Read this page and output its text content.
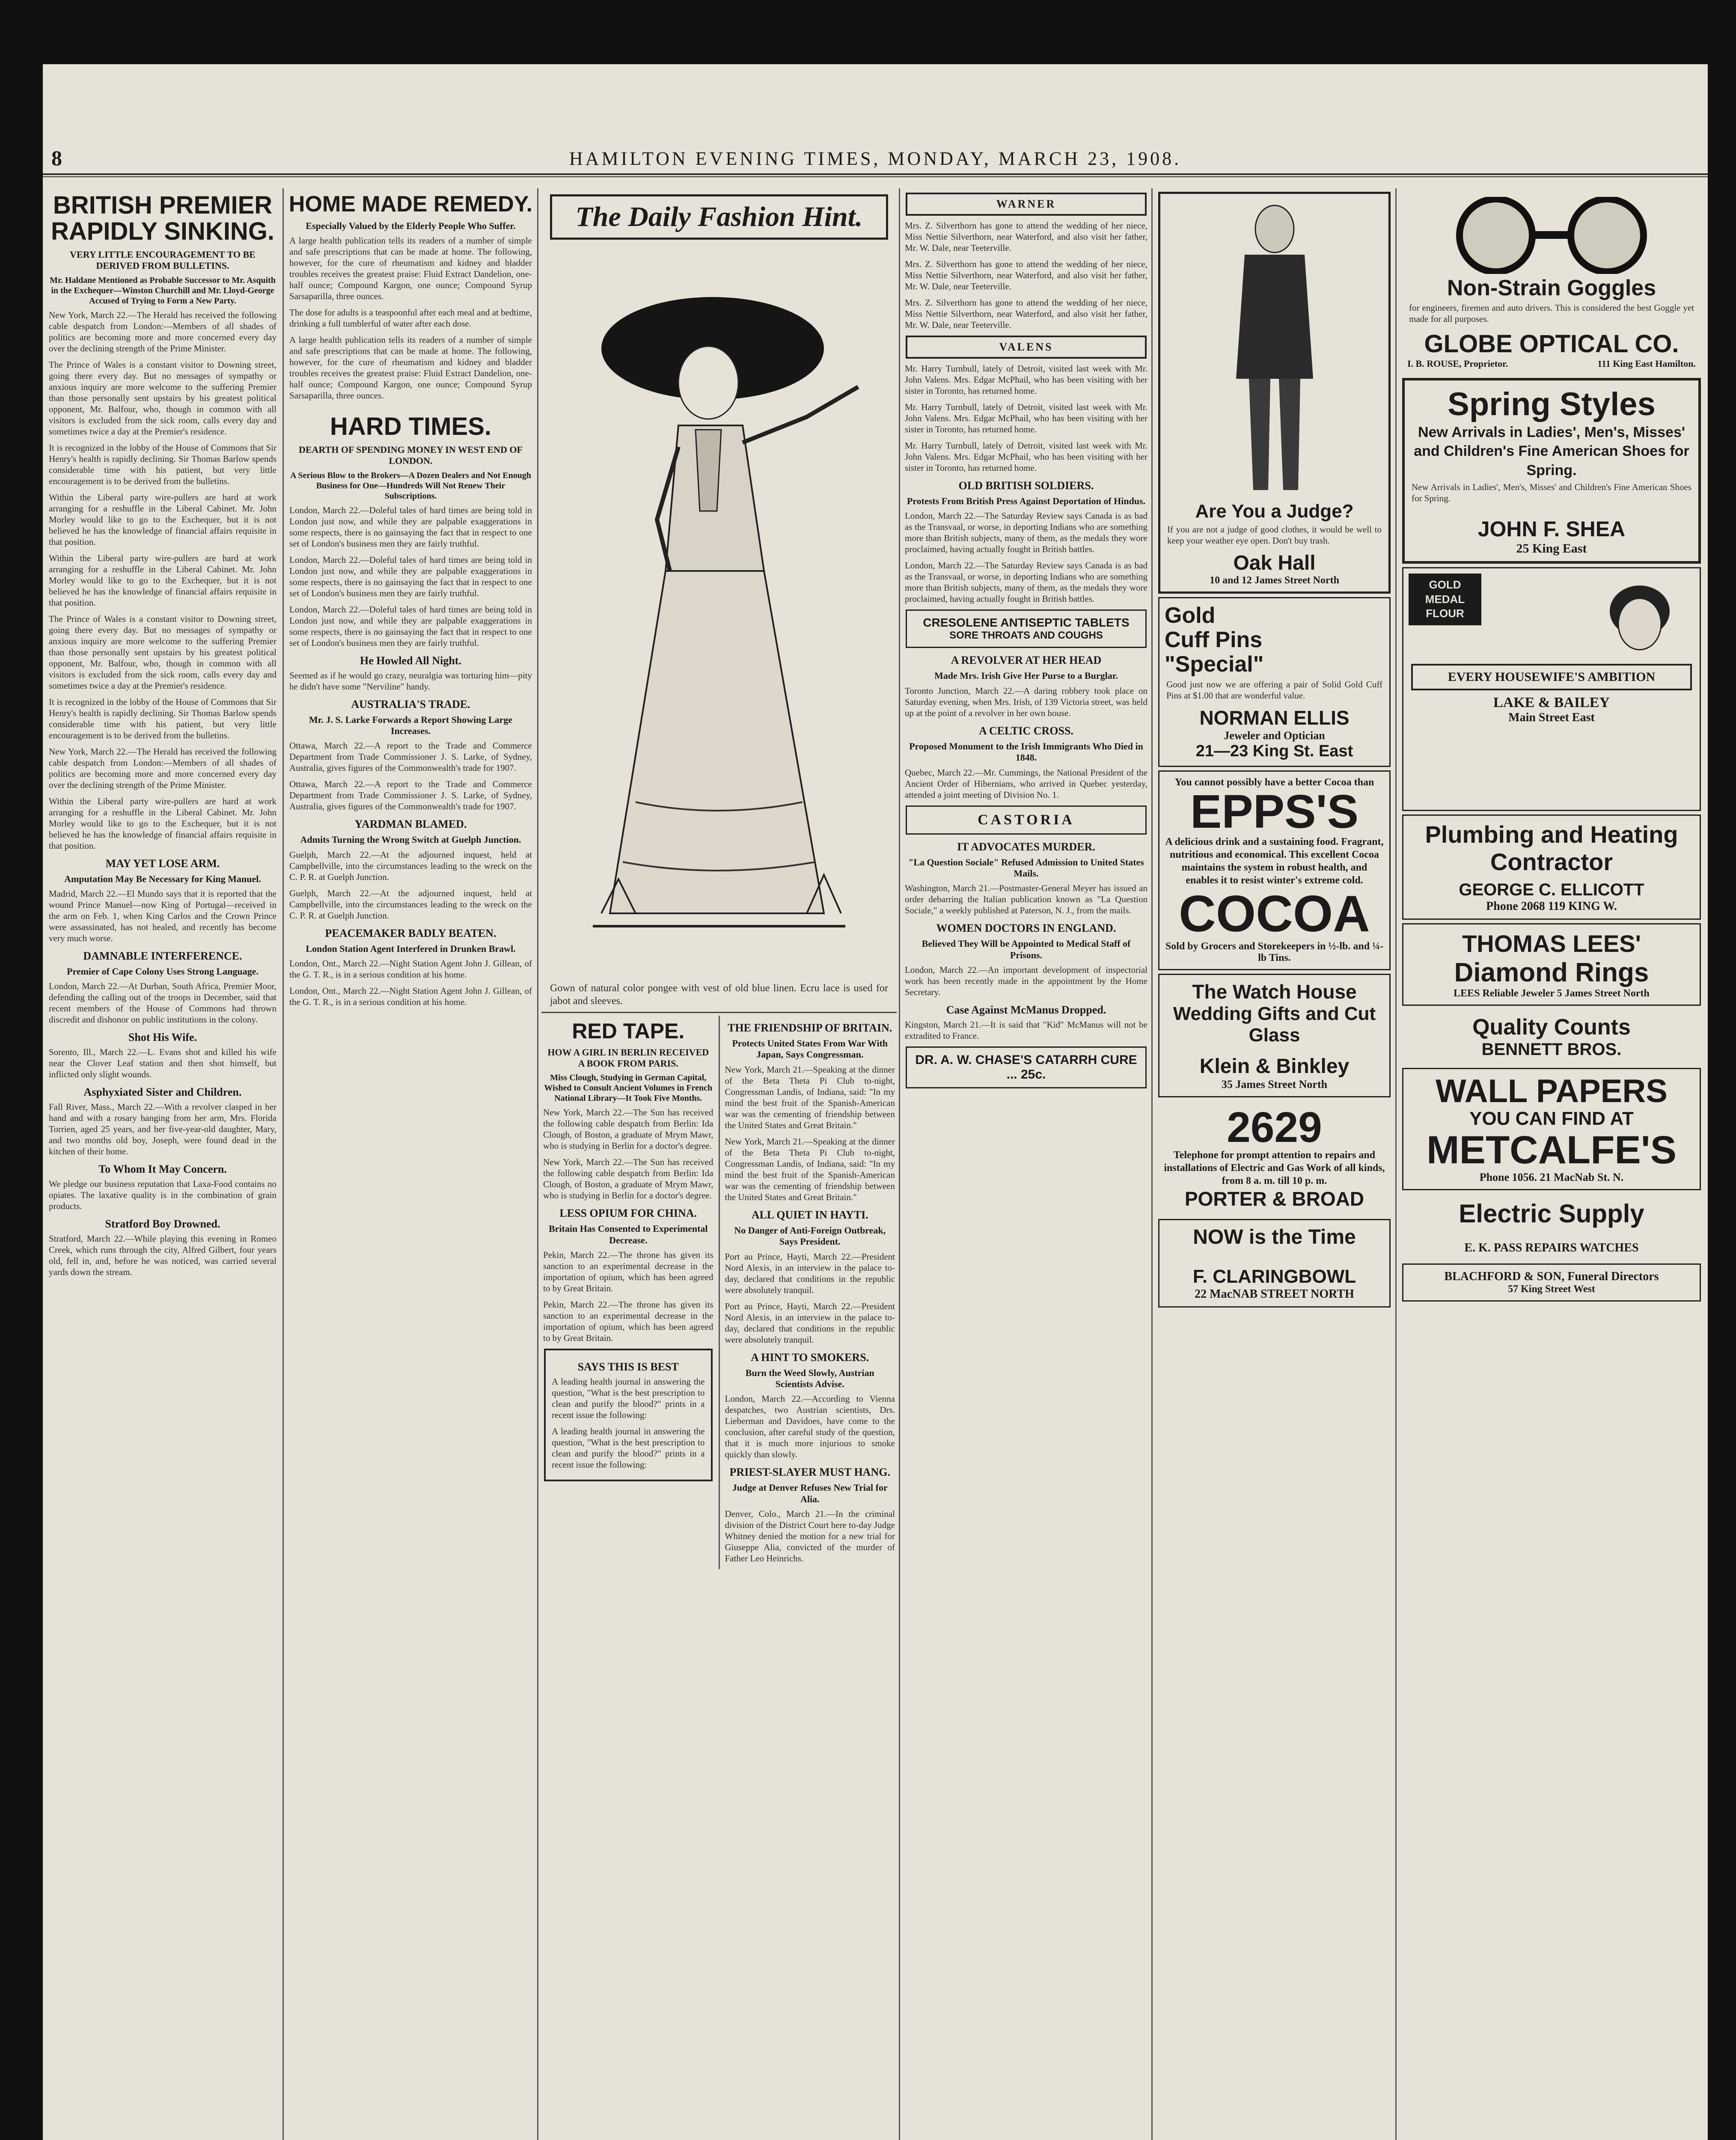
8	HAMILTON EVENING TIMES, MONDAY, MARCH 23, 1908.
BRITISH PREMIER RAPIDLY SINKING.
VERY LITTLE ENCOURAGEMENT TO BE DERIVED FROM BULLETINS.
Mr. Haldane Mentioned as Probable Successor to Mr. Asquith in the Exchequer—Winston Churchill and Mr. Lloyd-George Accused of Trying to Form a New Party.
New York, March 22.—The Herald has received the following cable despatch from London:—Members of all shades of politics are becoming more and more concerned every day over the declining strength of the Prime Minister.
The Prince of Wales is a constant visitor to Downing street, going there every day. But no messages of sympathy or anxious inquiry are more welcome to the suffering Premier than those personally sent upstairs by his greatest political opponent, Mr. Balfour, who, though in common with all visitors is excluded from the sick room, calls every day and sometimes twice a day at the Premier's residence.
It is recognized in the lobby of the House of Commons that Sir Henry's health is rapidly declining. Sir Thomas Barlow spends considerable time with his patient, but very little encouragement is to be derived from the bulletins.
Within the Liberal party wire-pullers are hard at work arranging for a reshuffle in the Liberal Cabinet. Mr. John Morley would like to go to the Exchequer, but it is not believed he has the knowledge of financial affairs requisite in that position.
Within the Liberal party wire-pullers are hard at work arranging for a reshuffle in the Liberal Cabinet. Mr. John Morley would like to go to the Exchequer, but it is not believed he has the knowledge of financial affairs requisite in that position.
The Prince of Wales is a constant visitor to Downing street, going there every day. But no messages of sympathy or anxious inquiry are more welcome to the suffering Premier than those personally sent upstairs by his greatest political opponent, Mr. Balfour, who, though in common with all visitors is excluded from the sick room, calls every day and sometimes twice a day at the Premier's residence.
It is recognized in the lobby of the House of Commons that Sir Henry's health is rapidly declining. Sir Thomas Barlow spends considerable time with his patient, but very little encouragement is to be derived from the bulletins.
New York, March 22.—The Herald has received the following cable despatch from London:—Members of all shades of politics are becoming more and more concerned every day over the declining strength of the Prime Minister.
Within the Liberal party wire-pullers are hard at work arranging for a reshuffle in the Liberal Cabinet. Mr. John Morley would like to go to the Exchequer, but it is not believed he has the knowledge of financial affairs requisite in that position.
MAY YET LOSE ARM.
Amputation May Be Necessary for King Manuel.
Madrid, March 22.—El Mundo says that it is reported that the wound Prince Manuel—now King of Portugal—received in the arm on Feb. 1, when King Carlos and the Crown Prince were assassinated, has not healed, and recently has become very much worse.
DAMNABLE INTERFERENCE.
Premier of Cape Colony Uses Strong Language.
London, March 22.—At Durban, South Africa, Premier Moor, defending the calling out of the troops in December, said that recent members of the House of Commons had thrown discredit and dishonor on public institutions in the colony.
Shot His Wife.
Sorento, Ill., March 22.—L. Evans shot and killed his wife near the Clover Leaf station and then shot himself, but inflicted only slight wounds.
Asphyxiated Sister and Children.
Fall River, Mass., March 22.—With a revolver clasped in her hand and with a rosary hanging from her arm, Mrs. Florida Torrien, aged 25 years, and her five-year-old daughter, Mary, and two months old boy, Joseph, were found dead in the kitchen of their home.
To Whom It May Concern.
We pledge our business reputation that Laxa-Food contains no opiates. The laxative quality is in the combination of grain products.
Stratford Boy Drowned.
Stratford, March 22.—While playing this evening in Romeo Creek, which runs through the city, Alfred Gilbert, four years old, fell in, and, before he was noticed, was carried several yards down the stream.
HOME MADE REMEDY.
Especially Valued by the Elderly People Who Suffer.
A large health publication tells its readers of a number of simple and safe prescriptions that can be made at home. The following, however, for the cure of rheumatism and kidney and bladder troubles receives the greatest praise: Fluid Extract Dandelion, one-half ounce; Compound Kargon, one ounce; Compound Syrup Sarsaparilla, three ounces.
The dose for adults is a teaspoonful after each meal and at bedtime, drinking a full tumblerful of water after each dose.
A large health publication tells its readers of a number of simple and safe prescriptions that can be made at home. The following, however, for the cure of rheumatism and kidney and bladder troubles receives the greatest praise: Fluid Extract Dandelion, one-half ounce; Compound Kargon, one ounce; Compound Syrup Sarsaparilla, three ounces.
HARD TIMES.
DEARTH OF SPENDING MONEY IN WEST END OF LONDON.
A Serious Blow to the Brokers—A Dozen Dealers and Not Enough Business for One—Hundreds Will Not Renew Their Subscriptions.
London, March 22.—Doleful tales of hard times are being told in London just now, and while they are palpable exaggerations in some respects, there is no gainsaying the fact that in respect to one set of London's business men they are fairly truthful.
London, March 22.—Doleful tales of hard times are being told in London just now, and while they are palpable exaggerations in some respects, there is no gainsaying the fact that in respect to one set of London's business men they are fairly truthful.
London, March 22.—Doleful tales of hard times are being told in London just now, and while they are palpable exaggerations in some respects, there is no gainsaying the fact that in respect to one set of London's business men they are fairly truthful.
He Howled All Night.
Seemed as if he would go crazy, neuralgia was torturing him—pity he didn't have some "Nerviline" handy.
AUSTRALIA'S TRADE.
Mr. J. S. Larke Forwards a Report Showing Large Increases.
Ottawa, March 22.—A report to the Trade and Commerce Department from Trade Commissioner J. S. Larke, of Sydney, Australia, gives figures of the Commonwealth's trade for 1907.
Ottawa, March 22.—A report to the Trade and Commerce Department from Trade Commissioner J. S. Larke, of Sydney, Australia, gives figures of the Commonwealth's trade for 1907.
YARDMAN BLAMED.
Admits Turning the Wrong Switch at Guelph Junction.
Guelph, March 22.—At the adjourned inquest, held at Campbellville, into the circumstances leading to the wreck on the C. P. R. at Guelph Junction.
Guelph, March 22.—At the adjourned inquest, held at Campbellville, into the circumstances leading to the wreck on the C. P. R. at Guelph Junction.
PEACEMAKER BADLY BEATEN.
London Station Agent Interfered in Drunken Brawl.
London, Ont., March 22.—Night Station Agent John J. Gillean, of the G. T. R., is in a serious condition at his home.
London, Ont., March 22.—Night Station Agent John J. Gillean, of the G. T. R., is in a serious condition at his home.
The Daily Fashion Hint.
Gown of natural color pongee with vest of old blue linen. Ecru lace is used for jabot and sleeves.
RED TAPE.
HOW A GIRL IN BERLIN RECEIVED A BOOK FROM PARIS.
Miss Clough, Studying in German Capital, Wished to Consult Ancient Volumes in French National Library—It Took Five Months.
New York, March 22.—The Sun has received the following cable despatch from Berlin: Ida Clough, of Boston, a graduate of Mrym Mawr, who is studying in Berlin for a doctor's degree.
New York, March 22.—The Sun has received the following cable despatch from Berlin: Ida Clough, of Boston, a graduate of Mrym Mawr, who is studying in Berlin for a doctor's degree.
LESS OPIUM FOR CHINA.
Britain Has Consented to Experimental Decrease.
Pekin, March 22.—The throne has given its sanction to an experimental decrease in the importation of opium, which has been agreed to by Great Britain.
Pekin, March 22.—The throne has given its sanction to an experimental decrease in the importation of opium, which has been agreed to by Great Britain.
SAYS THIS IS BEST
A leading health journal in answering the question, "What is the best prescription to clean and purify the blood?" prints in a recent issue the following:
A leading health journal in answering the question, "What is the best prescription to clean and purify the blood?" prints in a recent issue the following:
THE FRIENDSHIP OF BRITAIN.
Protects United States From War With Japan, Says Congressman.
New York, March 21.—Speaking at the dinner of the Beta Theta Pi Club to-night, Congressman Landis, of Indiana, said: "In my mind the best fruit of the Spanish-American war was the cementing of friendship between the United States and Great Britain."
New York, March 21.—Speaking at the dinner of the Beta Theta Pi Club to-night, Congressman Landis, of Indiana, said: "In my mind the best fruit of the Spanish-American war was the cementing of friendship between the United States and Great Britain."
ALL QUIET IN HAYTI.
No Danger of Anti-Foreign Outbreak, Says President.
Port au Prince, Hayti, March 22.—President Nord Alexis, in an interview in the palace to-day, declared that conditions in the republic were absolutely tranquil.
Port au Prince, Hayti, March 22.—President Nord Alexis, in an interview in the palace to-day, declared that conditions in the republic were absolutely tranquil.
A HINT TO SMOKERS.
Burn the Weed Slowly, Austrian Scientists Advise.
London, March 22.—According to Vienna despatches, two Austrian scientists, Drs. Lieberman and Davidoes, have come to the conclusion, after careful study of the question, that it is much more injurious to smoke quickly than slowly.
PRIEST-SLAYER MUST HANG.
Judge at Denver Refuses New Trial for Alia.
Denver, Colo., March 21.—In the criminal division of the District Court here to-day Judge Whitney denied the motion for a new trial for Giuseppe Alia, convicted of the murder of Father Leo Heinrichs.
WARNER
Mrs. Z. Silverthorn has gone to attend the wedding of her niece, Miss Nettie Silverthorn, near Waterford, and also visit her father, Mr. W. Dale, near Teeterville.
Mrs. Z. Silverthorn has gone to attend the wedding of her niece, Miss Nettie Silverthorn, near Waterford, and also visit her father, Mr. W. Dale, near Teeterville.
Mrs. Z. Silverthorn has gone to attend the wedding of her niece, Miss Nettie Silverthorn, near Waterford, and also visit her father, Mr. W. Dale, near Teeterville.
VALENS
Mr. Harry Turnbull, lately of Detroit, visited last week with Mr. John Valens. Mrs. Edgar McPhail, who has been visiting with her sister in Toronto, has returned home.
Mr. Harry Turnbull, lately of Detroit, visited last week with Mr. John Valens. Mrs. Edgar McPhail, who has been visiting with her sister in Toronto, has returned home.
Mr. Harry Turnbull, lately of Detroit, visited last week with Mr. John Valens. Mrs. Edgar McPhail, who has been visiting with her sister in Toronto, has returned home.
OLD BRITISH SOLDIERS.
Protests From British Press Against Deportation of Hindus.
London, March 22.—The Saturday Review says Canada is as bad as the Transvaal, or worse, in deporting Indians who are something more than British subjects, many of them, as the medals they wore proclaimed, having actually fought in British battles.
London, March 22.—The Saturday Review says Canada is as bad as the Transvaal, or worse, in deporting Indians who are something more than British subjects, many of them, as the medals they wore proclaimed, having actually fought in British battles.
CRESOLENE ANTISEPTIC TABLETS
SORE THROATS AND COUGHS
A REVOLVER AT HER HEAD
Made Mrs. Irish Give Her Purse to a Burglar.
Toronto Junction, March 22.—A daring robbery took place on Saturday evening, when Mrs. Irish, of 139 Victoria street, was held up at the point of a revolver in her own house.
A CELTIC CROSS.
Proposed Monument to the Irish Immigrants Who Died in 1848.
Quebec, March 22.—Mr. Cummings, the National President of the Ancient Order of Hibernians, who arrived in Quebec yesterday, attended a joint meeting of Division No. 1.
CASTORIA
IT ADVOCATES MURDER.
"La Question Sociale" Refused Admission to United States Mails.
Washington, March 21.—Postmaster-General Meyer has issued an order debarring the Italian publication known as "La Question Sociale," a weekly published at Paterson, N. J., from the mails.
WOMEN DOCTORS IN ENGLAND.
Believed They Will be Appointed to Medical Staff of Prisons.
London, March 22.—An important development of inspectorial work has been recently made in the appointment by the Home Secretary.
Case Against McManus Dropped.
Kingston, March 21.—It is said that "Kid" McManus will not be extradited to France.
DR. A. W. CHASE'S CATARRH CURE ... 25c.
Are You a Judge?
If you are not a judge of good clothes, it would be well to keep your weather eye open. Don't buy trash.
Oak Hall
10 and 12 James Street North
Gold
Cuff Pins
"Special"
Good just now we are offering a pair of Solid Gold Cuff Pins at $1.00 that are wonderful value.
NORMAN ELLIS
Jeweler and Optician
21—23 King St. East
You cannot possibly have a better Cocoa than
EPPS'S
A delicious drink and a sustaining food. Fragrant, nutritious and economical. This excellent Cocoa maintains the system in robust health, and enables it to resist winter's extreme cold.
COCOA
Sold by Grocers and Storekeepers in ½-lb. and ¼-lb Tins.
The Watch House
Wedding Gifts and Cut Glass
Klein & Binkley
35 James Street North
2629
Telephone for prompt attention to repairs and installations of Electric and Gas Work of all kinds, from 8 a. m. till 10 p. m.
PORTER & BROAD
NOW is the Time
F. CLARINGBOWL
22 MacNAB STREET NORTH
Non-Strain Goggles
for engineers, firemen and auto drivers. This is considered the best Goggle yet made for all purposes.
GLOBE OPTICAL CO.
I. B. ROUSE, Proprietor.	111 King East Hamilton.
Spring Styles
New Arrivals in Ladies', Men's, Misses' and Children's Fine American Shoes for Spring.
New Arrivals in Ladies', Men's, Misses' and Children's Fine American Shoes for Spring.
JOHN F. SHEA
25 King East
GOLD MEDAL FLOUR
EVERY HOUSEWIFE'S AMBITION
LAKE & BAILEY
Main Street East
Plumbing and Heating Contractor
GEORGE C. ELLICOTT
Phone 2068 119 KING W.
THOMAS LEES'
Diamond Rings
LEES Reliable Jeweler 5 James Street North
Quality Counts
BENNETT BROS.
WALL PAPERS
YOU CAN FIND AT
METCALFE'S
Phone 1056. 21 MacNab St. N.
Electric Supply
E. K. PASS REPAIRS WATCHES
BLACHFORD & SON, Funeral Directors
57 King Street West
